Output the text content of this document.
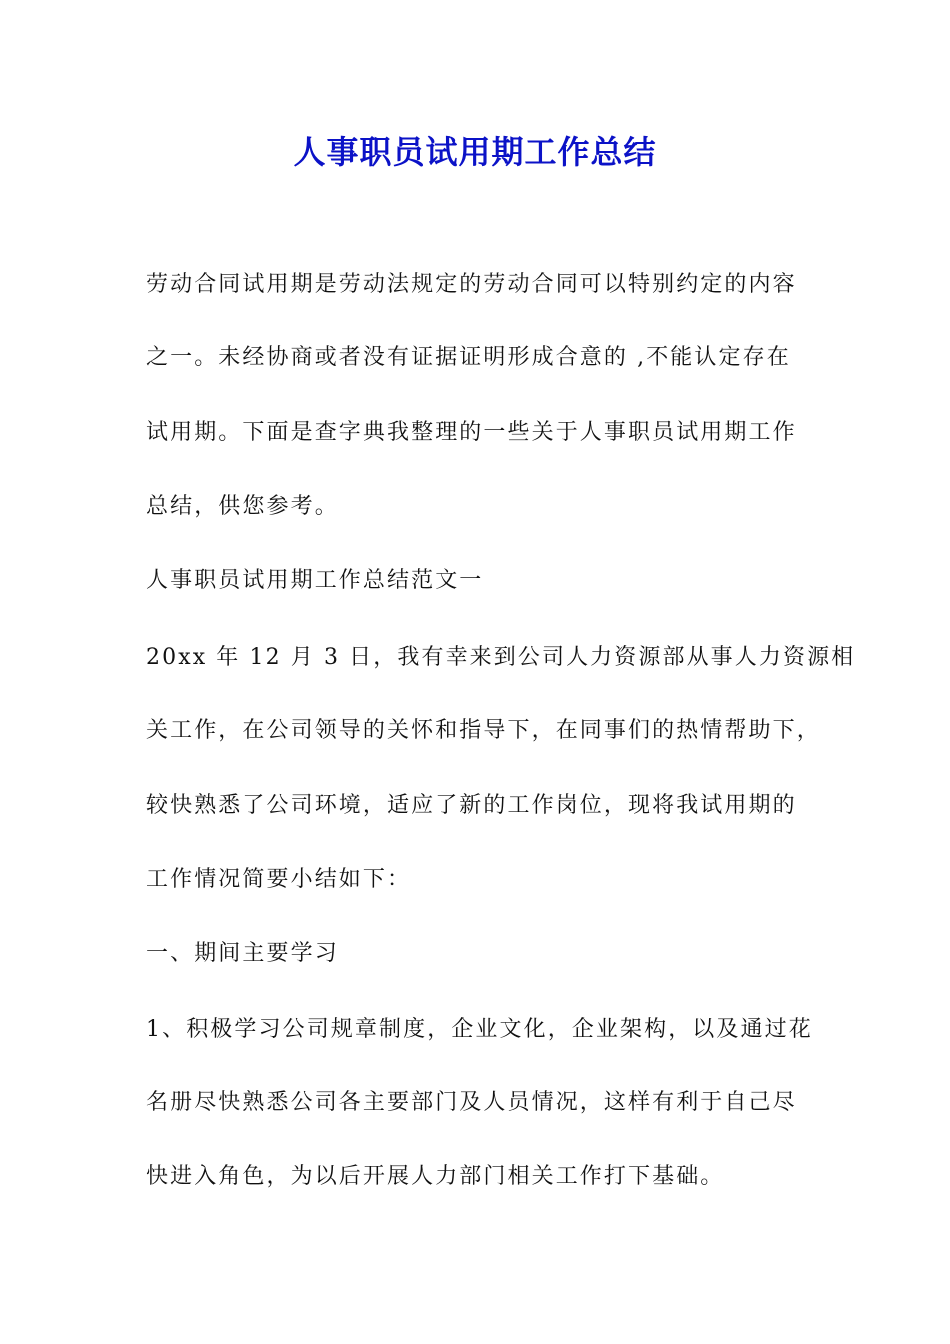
人事职员试用期工作总结
劳动合同试用期是劳动法规定的劳动合同可以特别约定的内容
之一。未经协商或者没有证据证明形成合意的 ,不能认定存在
试用期。下面是查字典我整理的一些关于人事职员试用期工作
总结，供您参考。
人事职员试用期工作总结范文一
20xx 年 12 月 3 日，我有幸来到公司人力资源部从事人力资源相
关工作，在公司领导的关怀和指导下，在同事们的热情帮助下，
较快熟悉了公司环境，适应了新的工作岗位，现将我试用期的
工作情况简要小结如下：
一、期间主要学习
1、积极学习公司规章制度，企业文化，企业架构，以及通过花
名册尽快熟悉公司各主要部门及人员情况，这样有利于自己尽
快进入角色，为以后开展人力部门相关工作打下基础。
